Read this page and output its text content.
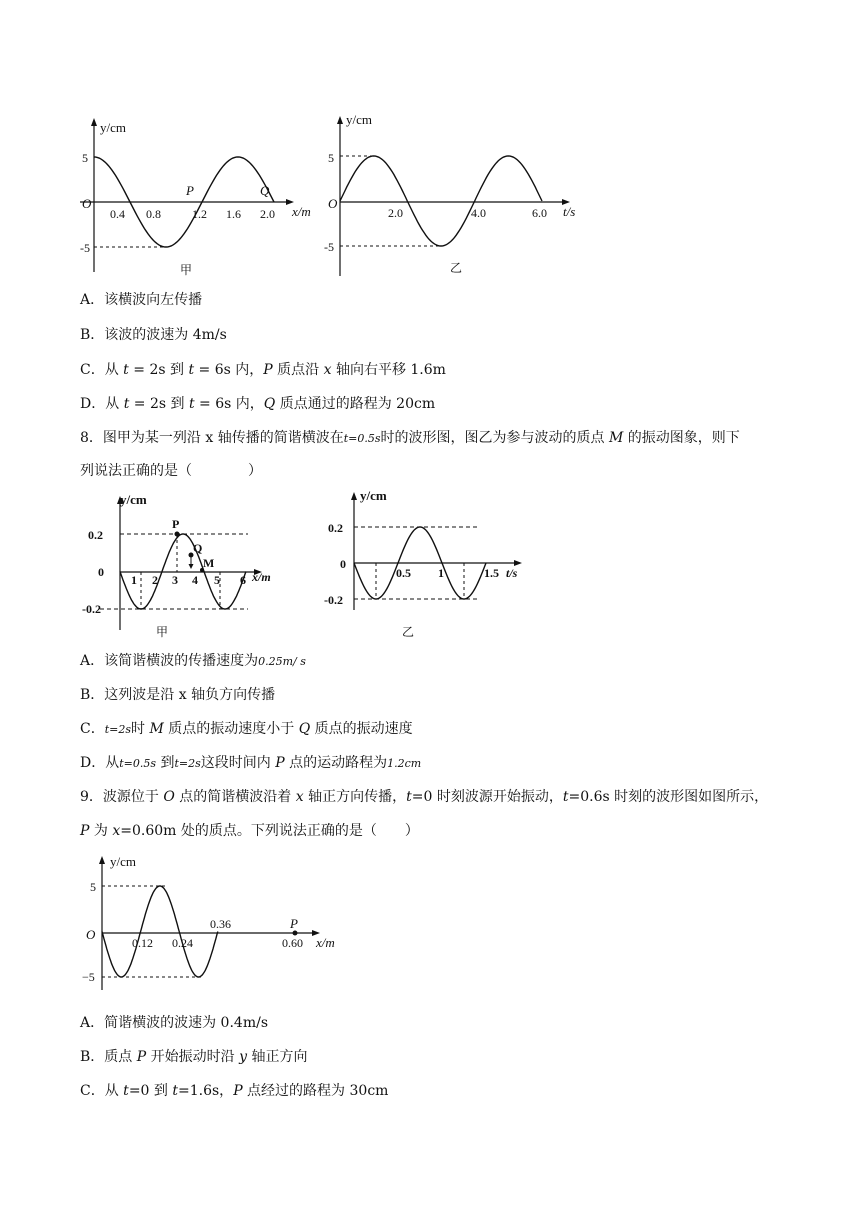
y/cm
O
5
-5
0.4 0.8	1.2 1.6 2.0 x/m
P	Q
甲
y/cm
O
5
-5
2.0	4.0	6.0 t/s
乙
A．该横波向左传播
B．该波的波速为 4m/s
C．从 t = 2s 到 t = 6s 内，P 质点沿 x 轴向右平移 1.6m
D．从 t = 2s 到 t = 6s 内，Q 质点通过的路程为 20cm
8．图甲为某一列沿 x 轴传播的简谐横波在t=0.5s时的波形图，图乙为参与波动的质点 M 的振动图象，则下
列说法正确的是（　　　　）
y/cm
0.2
0
-0.2
1 2 3 4 5 6 x/m
P
Q
M
甲
y/cm
0.2
0
-0.2
0.5 1	1.5 t/s
乙
A．该简谐横波的传播速度为0.25m/ s
B．这列波是沿 x 轴负方向传播
C．t=2s时 M 质点的振动速度小于 Q 质点的振动速度
D．从t=0.5s 到t=2s这段时间内 P 点的运动路程为1.2cm
9．波源位于 O 点的简谐横波沿着 x 轴正方向传播，t=0 时刻波源开始振动，t=0.6s 时刻的波形图如图所示，
P 为 x=0.60m 处的质点。下列说法正确的是（　　）
y/cm
O
5
−5
0.12 0.24
0.36
0.60 x/m
P
A．简谐横波的波速为 0.4m/s
B．质点 P 开始振动时沿 y 轴正方向
C．从 t=0 到 t=1.6s，P 点经过的路程为 30cm
